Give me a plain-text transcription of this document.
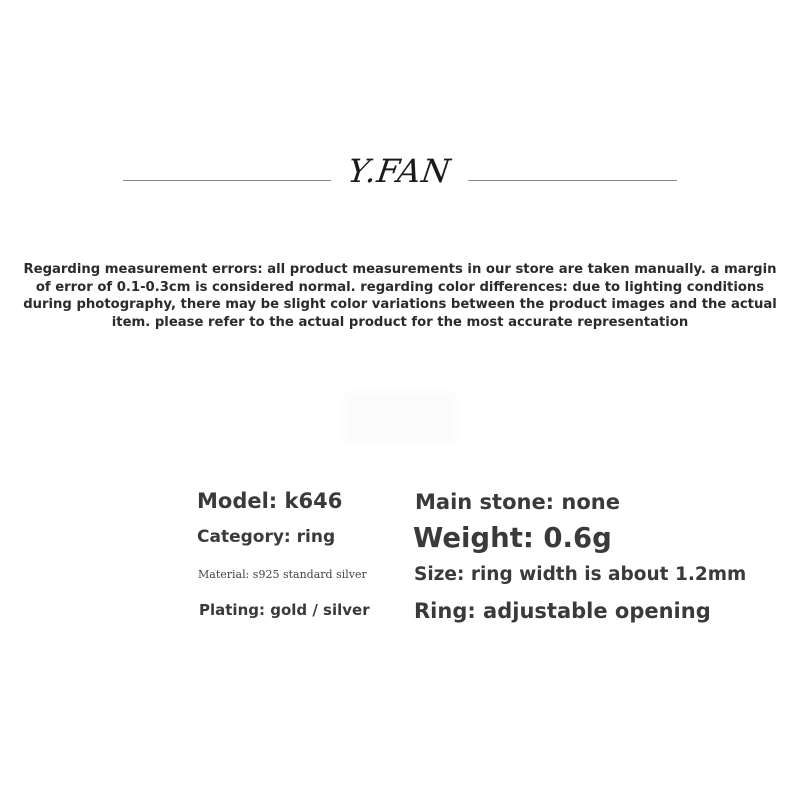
Y.FAN
Regarding measurement errors: all product measurements in our store are taken manually. a margin of error of 0.1-0.3cm is considered normal. regarding color differences: due to lighting conditions during photography, there may be slight color variations between the product images and the actual item. please refer to the actual product for the most accurate representation
Model: k646
Category: ring
Material: s925 standard silver
Plating: gold / silver
Main stone: none
Weight: 0.6g
Size: ring width is about 1.2mm
Ring: adjustable opening
